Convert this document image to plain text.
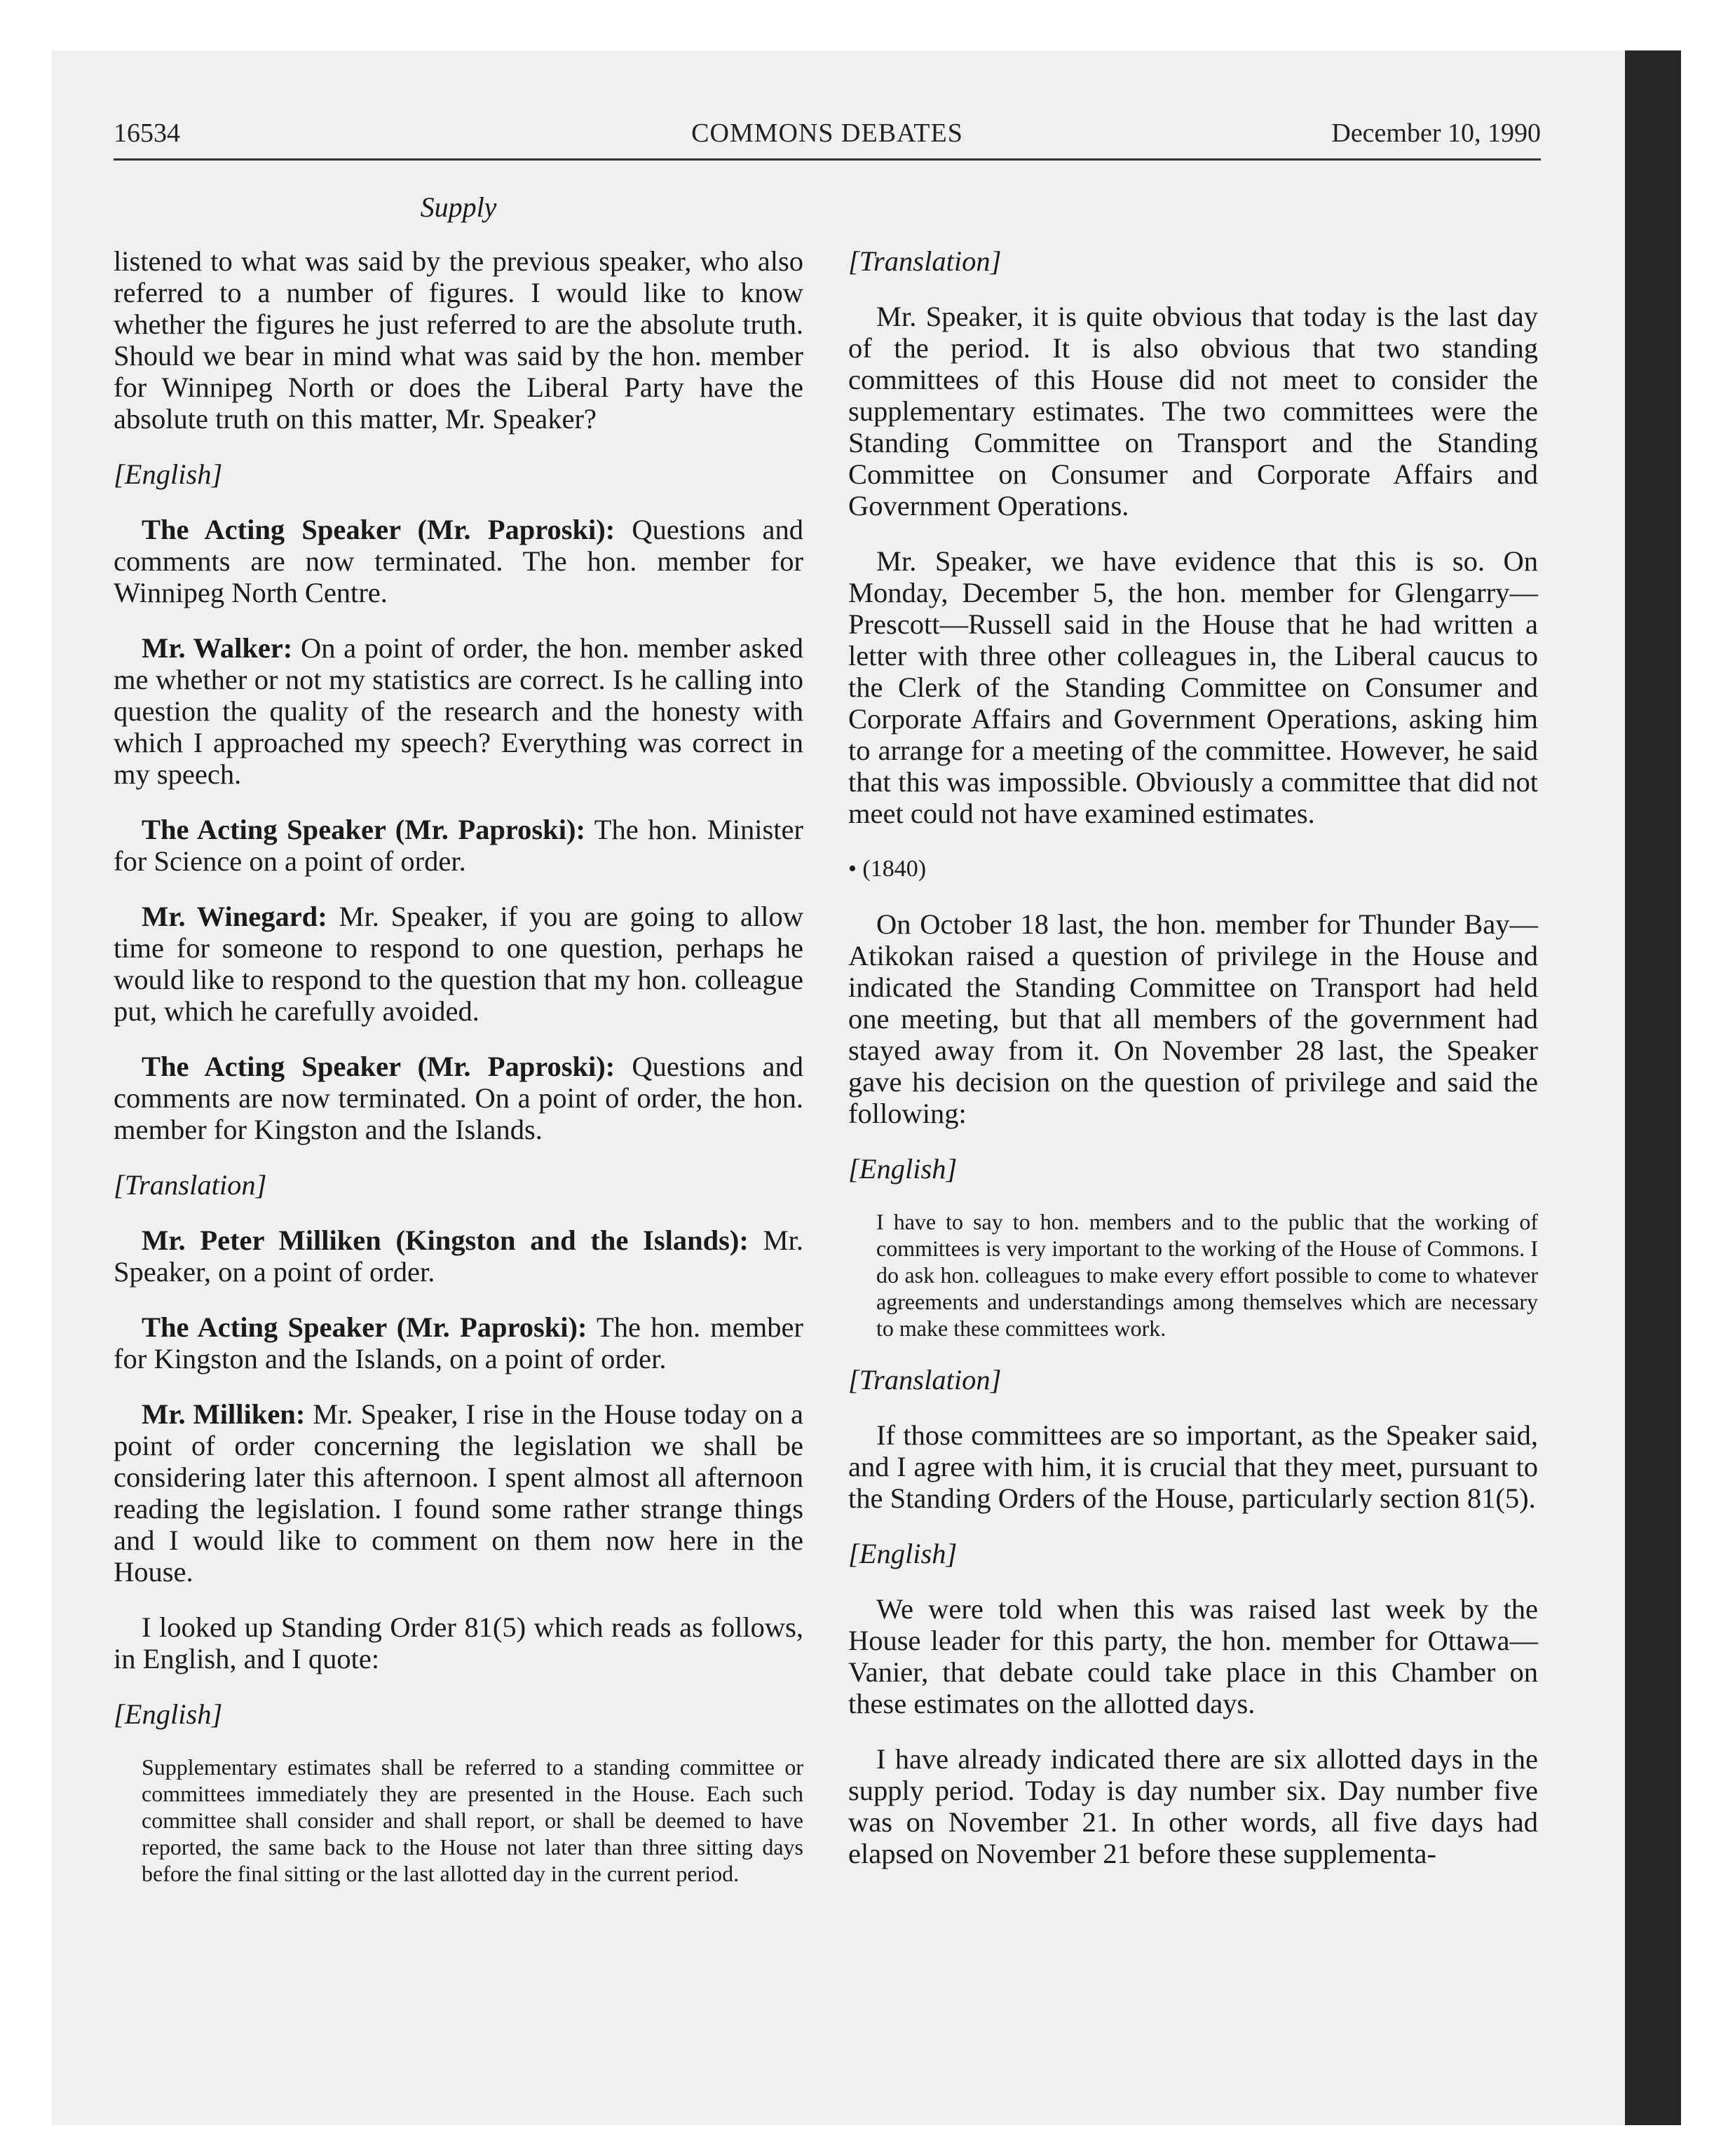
16534	COMMONS DEBATES	December 10, 1990
Supply

listened to what was said by the previous speaker, who also referred to a number of figures. I would like to know whether the figures he just referred to are the absolute truth. Should we bear in mind what was said by the hon. member for Winnipeg North or does the Liberal Party have the absolute truth on this matter, Mr. Speaker?

[English]

The Acting Speaker (Mr. Paproski): Questions and comments are now terminated. The hon. member for Winnipeg North Centre.

Mr. Walker: On a point of order, the hon. member asked me whether or not my statistics are correct. Is he calling into question the quality of the research and the honesty with which I approached my speech? Everything was correct in my speech.

The Acting Speaker (Mr. Paproski): The hon. Minister for Science on a point of order.

Mr. Winegard: Mr. Speaker, if you are going to allow time for someone to respond to one question, perhaps he would like to respond to the question that my hon. colleague put, which he carefully avoided.

The Acting Speaker (Mr. Paproski): Questions and comments are now terminated. On a point of order, the hon. member for Kingston and the Islands.

[Translation]

Mr. Peter Milliken (Kingston and the Islands): Mr. Speaker, on a point of order.

The Acting Speaker (Mr. Paproski): The hon. member for Kingston and the Islands, on a point of order.

Mr. Milliken: Mr. Speaker, I rise in the House today on a point of order concerning the legislation we shall be considering later this afternoon. I spent almost all afternoon reading the legislation. I found some rather strange things and I would like to comment on them now here in the House.

I looked up Standing Order 81(5) which reads as follows, in English, and I quote:

[English]

Supplementary estimates shall be referred to a standing committee or committees immediately they are presented in the House. Each such committee shall consider and shall report, or shall be deemed to have reported, the same back to the House not later than three sitting days before the final sitting or the last allotted day in the current period.

[Translation]

Mr. Speaker, it is quite obvious that today is the last day of the period. It is also obvious that two standing committees of this House did not meet to consider the supplementary estimates. The two committees were the Standing Committee on Transport and the Standing Committee on Consumer and Corporate Affairs and Government Operations.

Mr. Speaker, we have evidence that this is so. On Monday, December 5, the hon. member for Glengarry—Prescott—Russell said in the House that he had written a letter with three other colleagues in, the Liberal caucus to the Clerk of the Standing Committee on Consumer and Corporate Affairs and Government Operations, asking him to arrange for a meeting of the committee. However, he said that this was impossible. Obviously a committee that did not meet could not have examined estimates.

• (1840)

On October 18 last, the hon. member for Thunder Bay—Atikokan raised a question of privilege in the House and indicated the Standing Committee on Transport had held one meeting, but that all members of the government had stayed away from it. On November 28 last, the Speaker gave his decision on the question of privilege and said the following:

[English]

I have to say to hon. members and to the public that the working of committees is very important to the working of the House of Commons. I do ask hon. colleagues to make every effort possible to come to whatever agreements and understandings among themselves which are necessary to make these committees work.

[Translation]

If those committees are so important, as the Speaker said, and I agree with him, it is crucial that they meet, pursuant to the Standing Orders of the House, particularly section 81(5).

[English]

We were told when this was raised last week by the House leader for this party, the hon. member for Ottawa—Vanier, that debate could take place in this Chamber on these estimates on the allotted days.

I have already indicated there are six allotted days in the supply period. Today is day number six. Day number five was on November 21. In other words, all five days had elapsed on November 21 before these supplementa-
